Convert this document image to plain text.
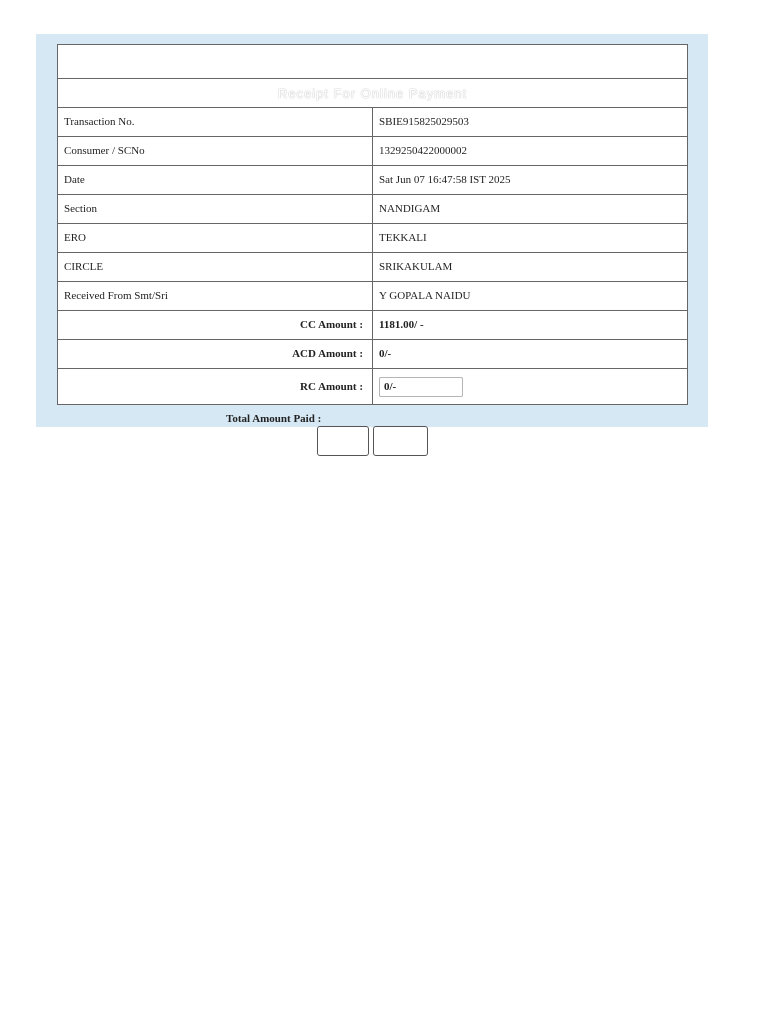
Receipt For Online Payment	

Transaction No.	SBIE915825029503
Consumer / SCNo	1329250422000002
Date	Sat Jun 07 16:47:58 IST 2025
Section	NANDIGAM
ERO	TEKKALI
CIRCLE	SRIKAKULAM
Received From Smt/Sri	Y GOPALA NAIDU
CC Amount :	1181.00/ -
ACD Amount :	0/-
RC Amount :	0/-
Total Amount Paid :
